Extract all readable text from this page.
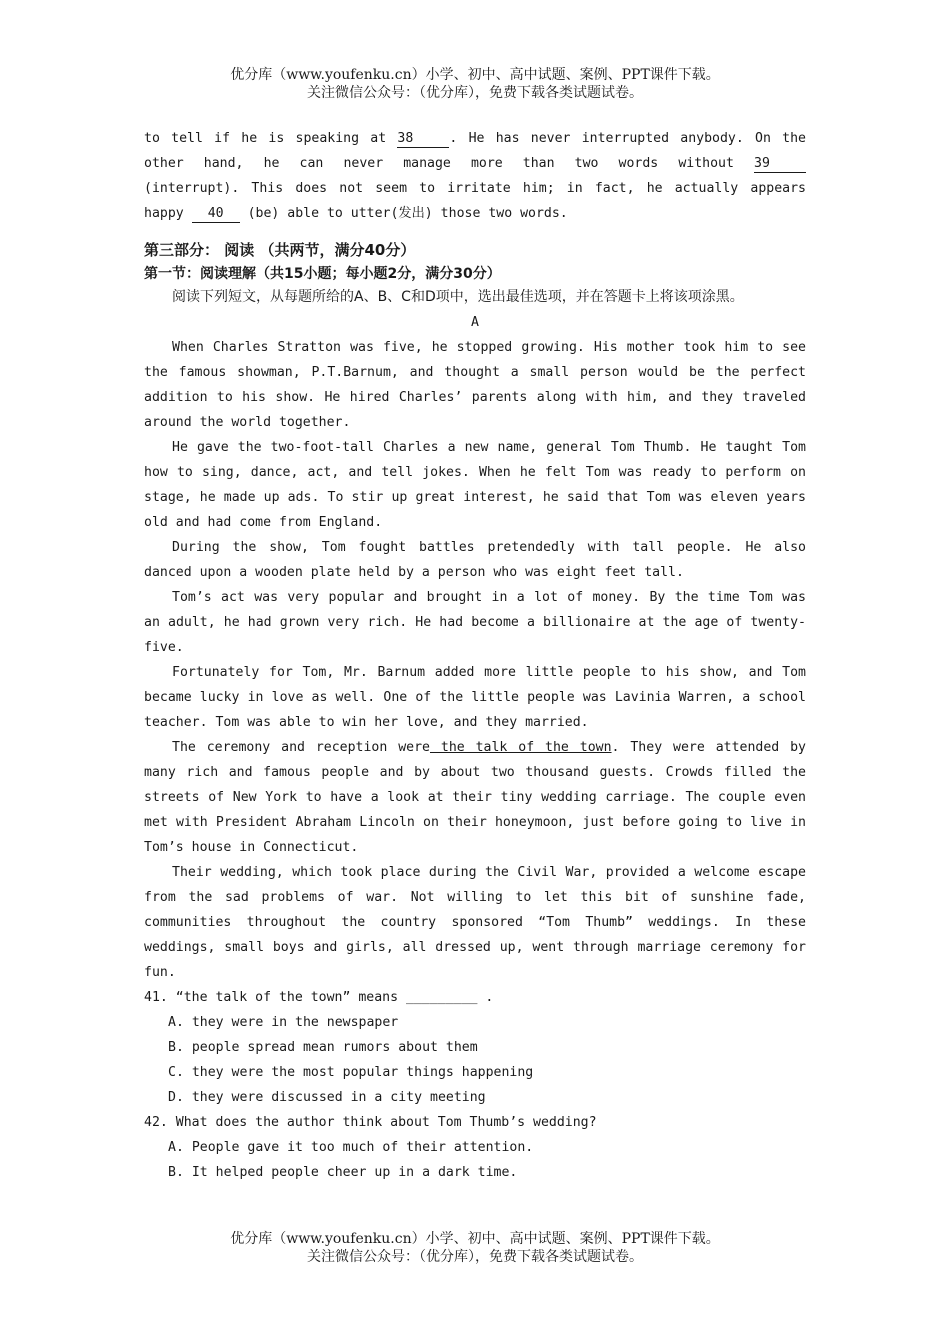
优分库（www.youfenku.cn）小学、初中、高中试题、案例、PPT课件下载。
关注微信公众号：（优分库），免费下载各类试题试卷。
to tell if he is speaking at 38	. He has never interrupted anybody. On the
other hand, he can never manage more than two words without 39
(interrupt). This does not seem to irritate him; in fact, he actually appears
happy 40 (be) able to utter(发出) those two words.
第三部分： 阅读 （共两节，满分40分）
第一节：阅读理解（共15小题；每小题2分，满分30分）
阅读下列短文，从每题所给的A、B、C和D项中，选出最佳选项，并在答题卡上将该项涂黑。
A
When Charles Stratton was five, he stopped growing. His mother took him to see the famous showman, P.T.Barnum, and thought a small person would be the perfect addition to his show. He hired Charles’ parents along with him, and they traveled around the world together.
He gave the two-foot-tall Charles a new name, general Tom Thumb. He taught Tom how to sing, dance, act, and tell jokes. When he felt Tom was ready to perform on stage, he made up ads. To stir up great interest, he said that Tom was eleven years old and had come from England.
During the show, Tom fought battles pretendedly with tall people. He also danced upon a wooden plate held by a person who was eight feet tall.
Tom’s act was very popular and brought in a lot of money. By the time Tom was an adult, he had grown very rich. He had become a billionaire at the age of twenty-five.
Fortunately for Tom, Mr. Barnum added more little people to his show, and Tom became lucky in love as well. One of the little people was Lavinia Warren, a school teacher. Tom was able to win her love, and they married.
The ceremony and reception were the talk of the town. They were attended by many rich and famous people and by about two thousand guests. Crowds filled the streets of New York to have a look at their tiny wedding carriage. The couple even met with President Abraham Lincoln on their honeymoon, just before going to live in Tom’s house in Connecticut.
Their wedding, which took place during the Civil War, provided a welcome escape from the sad problems of war. Not willing to let this bit of sunshine fade, communities throughout the country sponsored “Tom Thumb” weddings. In these weddings, small boys and girls, all dressed up, went through marriage ceremony for fun.
41. “the talk of the town” means _________ .
A. they were in the newspaper
B. people spread mean rumors about them
C. they were the most popular things happening
D. they were discussed in a city meeting
42. What does the author think about Tom Thumb’s wedding?
A. People gave it too much of their attention.
B. It helped people cheer up in a dark time.
优分库（www.youfenku.cn）小学、初中、高中试题、案例、PPT课件下载。
关注微信公众号：（优分库），免费下载各类试题试卷。
